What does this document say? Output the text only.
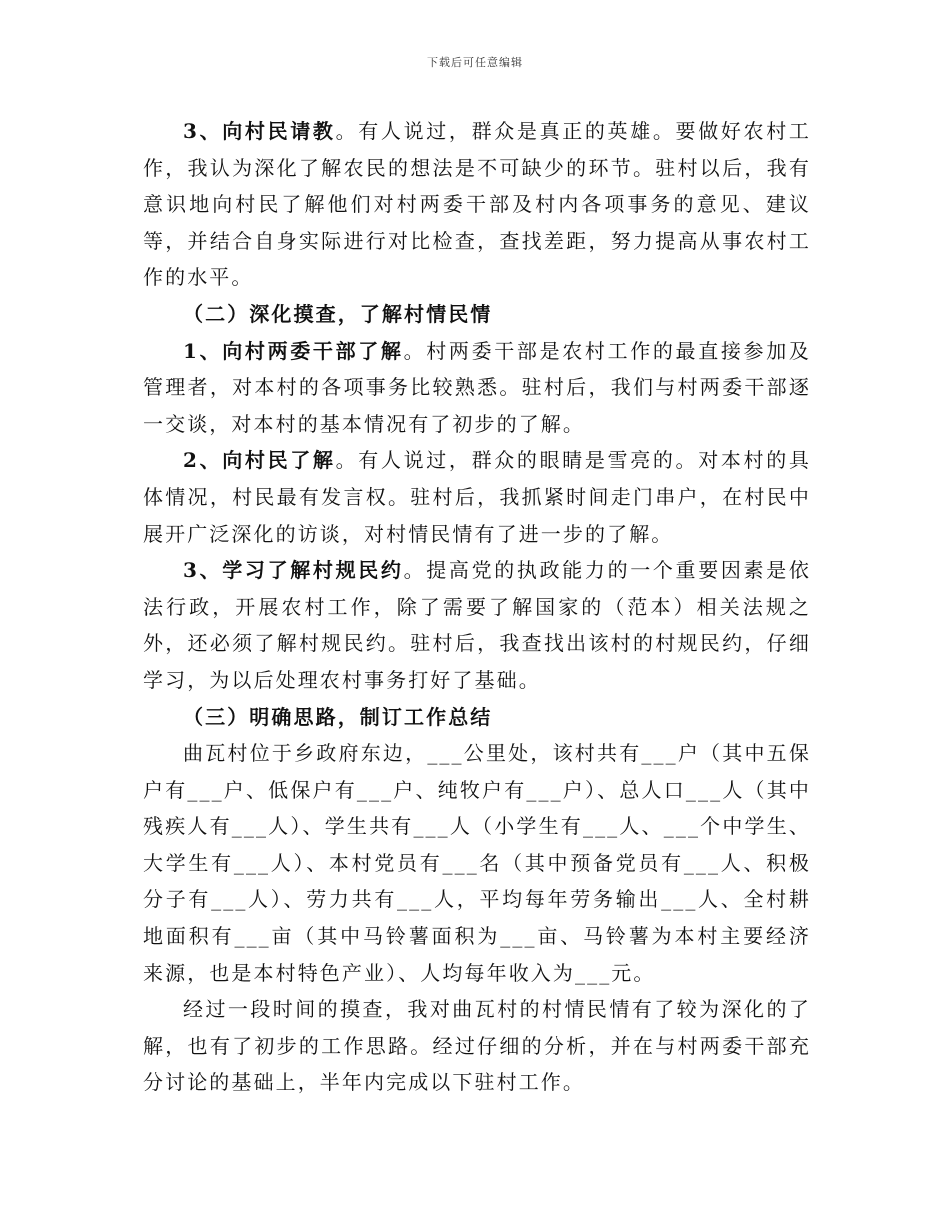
下载后可任意编辑

3、向村民请教。有人说过，群众是真正的英雄。要做好农村工作，我认为深化了解农民的想法是不可缺少的环节。驻村以后，我有意识地向村民了解他们对村两委干部及村内各项事务的意见、建议等，并结合自身实际进行对比检查，查找差距，努力提高从事农村工作的水平。

（二）深化摸查，了解村情民情

1、向村两委干部了解。村两委干部是农村工作的最直接参加及管理者，对本村的各项事务比较熟悉。驻村后，我们与村两委干部逐一交谈，对本村的基本情况有了初步的了解。

2、向村民了解。有人说过，群众的眼睛是雪亮的。对本村的具体情况，村民最有发言权。驻村后，我抓紧时间走门串户，在村民中展开广泛深化的访谈，对村情民情有了进一步的了解。

3、学习了解村规民约。提高党的执政能力的一个重要因素是依法行政，开展农村工作，除了需要了解国家的（范本）相关法规之外，还必须了解村规民约。驻村后，我查找出该村的村规民约，仔细学习，为以后处理农村事务打好了基础。

（三）明确思路，制订工作总结

曲瓦村位于乡政府东边，___公里处，该村共有___户（其中五保户有___户、低保户有___户、纯牧户有___户）、总人口___人（其中残疾人有___人）、学生共有___人（小学生有___人、___个中学生、大学生有___人）、本村党员有___名（其中预备党员有___人、积极分子有___人）、劳力共有___人，平均每年劳务输出___人、全村耕地面积有___亩（其中马铃薯面积为___亩、马铃薯为本村主要经济来源，也是本村特色产业）、人均每年收入为___元。

经过一段时间的摸查，我对曲瓦村的村情民情有了较为深化的了解，也有了初步的工作思路。经过仔细的分析，并在与村两委干部充分讨论的基础上，半年内完成以下驻村工作。
